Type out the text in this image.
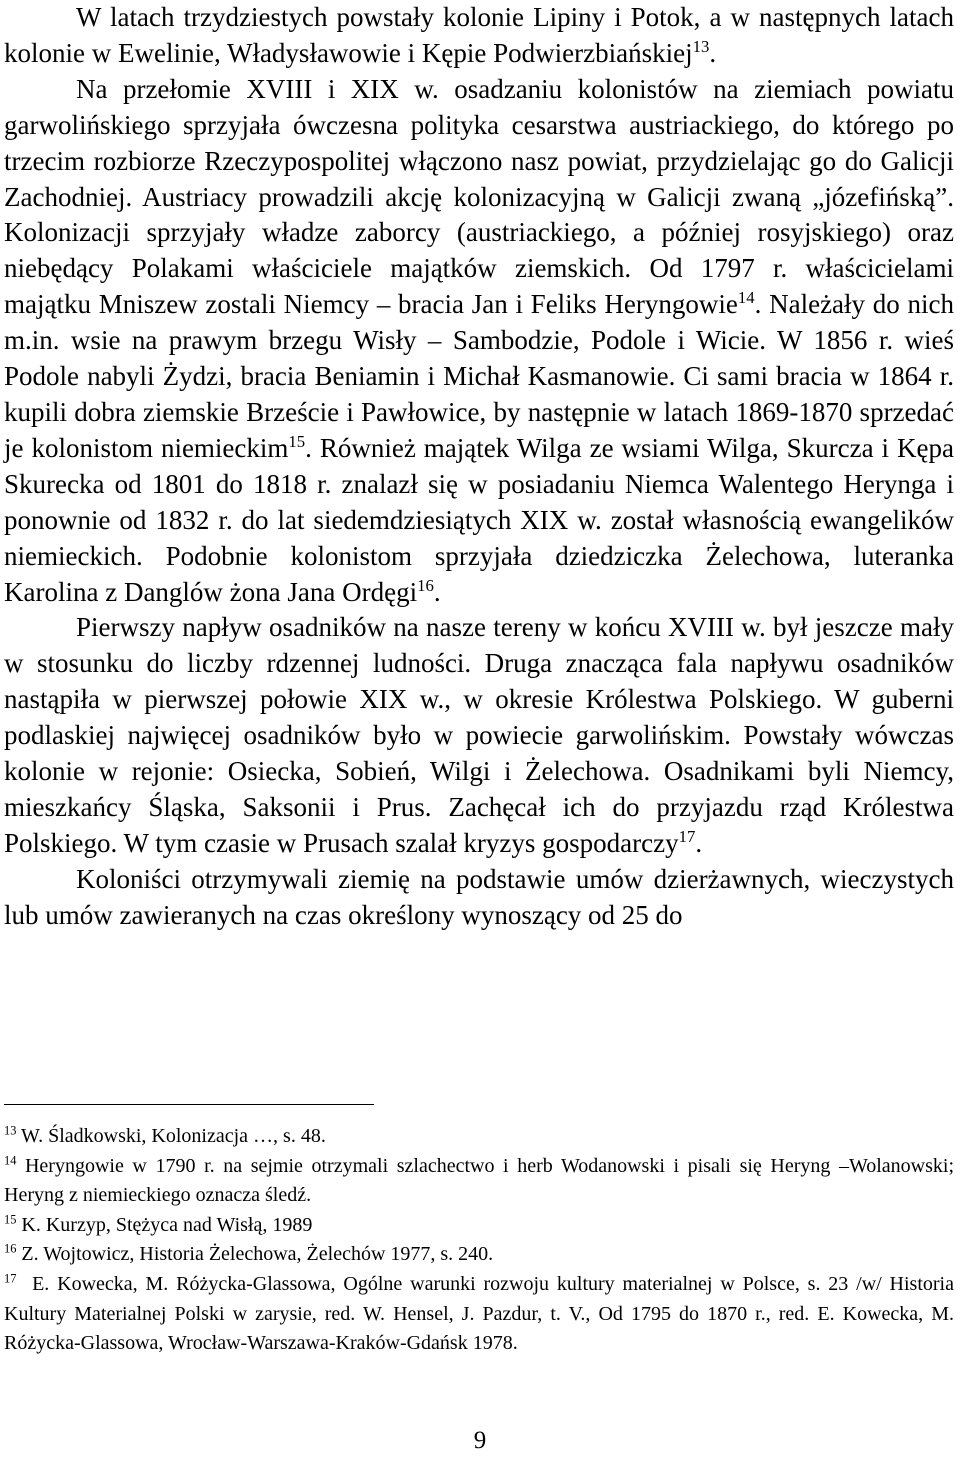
W latach trzydziestych powstały kolonie Lipiny i Potok, a w następnych latach kolonie w Ewelinie, Władysławowie i Kępie Podwierzbiańskiej$^{13}$.

Na przełomie XVIII i XIX w. osadzaniu kolonistów na ziemiach powiatu garwolińskiego sprzyjała ówczesna polityka cesarstwa austriackiego, do którego po trzecim rozbiorze Rzeczypospolitej włączono nasz powiat, przydzielając go do Galicji Zachodniej. Austriacy prowadzili akcję kolonizacyjną w Galicji zwaną „józefińską”. Kolonizacji sprzyjały władze zaborcy (austriackiego, a później rosyjskiego) oraz niebędący Polakami właściciele majątków ziemskich. Od 1797 r. właścicielami majątku Mniszew zostali Niemcy – bracia Jan i Feliks Heryngowie$^{14}$. Należały do nich m.in. wsie na prawym brzegu Wisły – Sambodzie, Podole i Wicie. W 1856 r. wieś Podole nabyli Żydzi, bracia Beniamin i Michał Kasmanowie. Ci sami bracia w 1864 r. kupili dobra ziemskie Brzeście i Pawłowice, by następnie w latach 1869-1870 sprzedać je kolonistom niemieckim$^{15}$. Również majątek Wilga ze wsiami Wilga, Skurcza i Kępa Skurecka od 1801 do 1818 r. znalazł się w posiadaniu Niemca Walentego Herynga i ponownie od 1832 r. do lat siedemdziesiątych XIX w. został własnością ewangelików niemieckich. Podobnie kolonistom sprzyjała dziedziczka Żelechowa, luteranka Karolina z Danglów żona Jana Ordęgi$^{16}$.

Pierwszy napływ osadników na nasze tereny w końcu XVIII w. był jeszcze mały w stosunku do liczby rdzennej ludności. Druga znacząca fala napływu osadników nastąpiła w pierwszej połowie XIX w., w okresie Królestwa Polskiego. W guberni podlaskiej najwięcej osadników było w powiecie garwolińskim. Powstały wówczas kolonie w rejonie: Osiecka, Sobień, Wilgi i Żelechowa. Osadnikami byli Niemcy, mieszkańcy Śląska, Saksonii i Prus. Zachęcał ich do przyjazdu rząd Królestwa Polskiego. W tym czasie w Prusach szalał kryzys gospodarczy$^{17}$.

Koloniści otrzymywali ziemię na podstawie umów dzierżawnych, wieczystych lub umów zawieranych na czas określony wynoszący od 25 do

$^{13}$ W. Śladkowski, Kolonizacja …, s. 48.

$^{14}$ Heryngowie w 1790 r. na sejmie otrzymali szlachectwo i herb Wodanowski i pisali się Heryng –Wolanowski; Heryng z niemieckiego oznacza śledź.

$^{15}$ K. Kurzyp, Stężyca nad Wisłą, 1989

$^{16}$ Z. Wojtowicz, Historia Żelechowa, Żelechów 1977, s. 240.

$^{17}$  E. Kowecka, M. Różycka-Glassowa, Ogólne warunki rozwoju kultury materialnej w Polsce, s. 23 /w/ Historia Kultury Materialnej Polski w zarysie, red. W. Hensel, J. Pazdur, t. V., Od 1795 do 1870 r., red. E. Kowecka, M. Różycka-Glassowa, Wrocław-Warszawa-Kraków-Gdańsk 1978.

9
